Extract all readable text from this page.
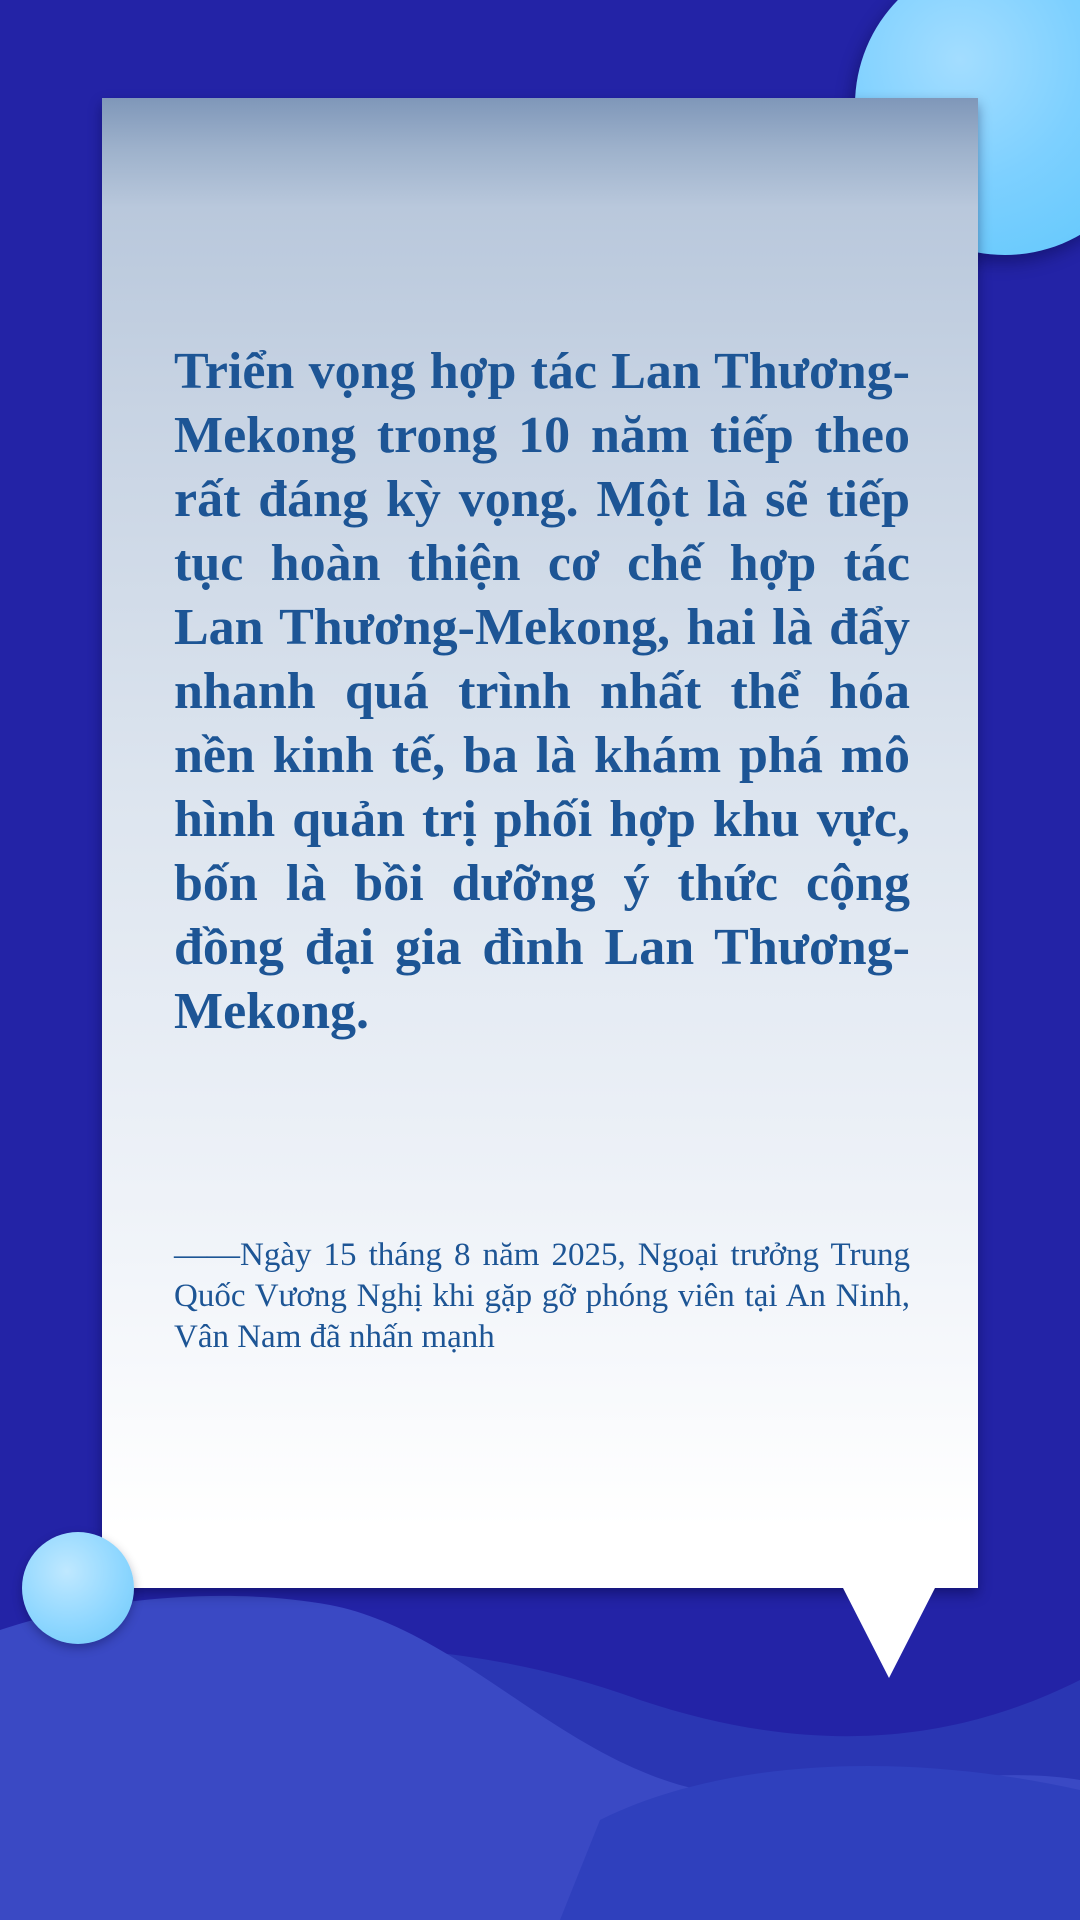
Triển vọng hợp tác Lan Thương-Mekong trong 10 năm tiếp theo rất đáng kỳ vọng. Một là sẽ tiếp tục hoàn thiện cơ chế hợp tác Lan Thương-Mekong, hai là đẩy nhanh quá trình nhất thể hóa nền kinh tế, ba là khám phá mô hình quản trị phối hợp khu vực, bốn là bồi dưỡng ý thức cộng đồng đại gia đình Lan Thương-Mekong.

——Ngày 15 tháng 8 năm 2025, Ngoại trưởng Trung Quốc Vương Nghị khi gặp gỡ phóng viên tại An Ninh, Vân Nam đã nhấn mạnh
